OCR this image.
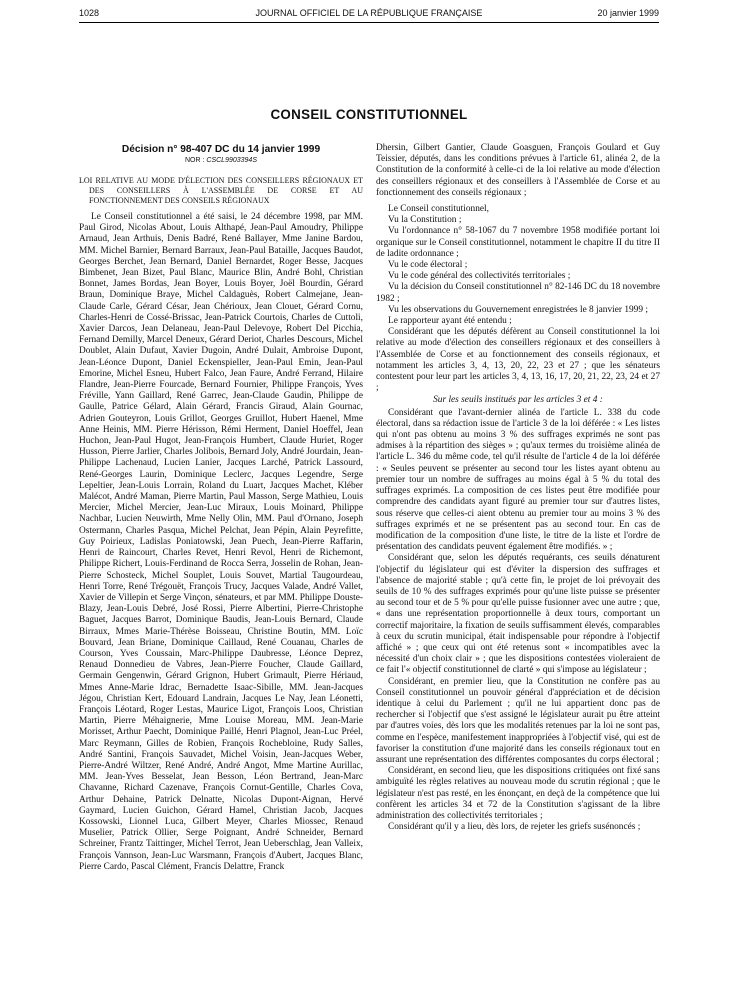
1028	JOURNAL OFFICIEL DE LA RÉPUBLIQUE FRANÇAISE	20 janvier 1999
CONSEIL CONSTITUTIONNEL

Décision n° 98-407 DC du 14 janvier 1999

NOR : CSCL9903394S

LOI RELATIVE AU MODE D'ÉLECTION DES CONSEILLERS RÉGIONAUX ET DES CONSEILLERS À L'ASSEMBLÉE DE CORSE ET AU FONCTIONNEMENT DES CONSEILS RÉGIONAUX

Le Conseil constitutionnel a été saisi, le 24 décembre 1998, par MM. Paul Girod, Nicolas About, Louis Althapé, Jean-Paul Amoudry, Philippe Arnaud, Jean Arthuis, Denis Badré, René Ballayer, Mme Janine Bardou, MM. Michel Barnier, Bernard Barraux, Jean-Paul Bataille, Jacques Baudot, Georges Berchet, Jean Bernard, Daniel Bernardet, Roger Besse, Jacques Bimbenet, Jean Bizet, Paul Blanc, Maurice Blin, André Bohl, Christian Bonnet, James Bordas, Jean Boyer, Louis Boyer, Joël Bourdin, Gérard Braun, Dominique Braye, Michel Caldaguès, Robert Calmejane, Jean-Claude Carle, Gérard César, Jean Chérioux, Jean Clouet, Gérard Cornu, Charles-Henri de Cossé-Brissac, Jean-Patrick Courtois, Charles de Cuttoli, Xavier Darcos, Jean Delaneau, Jean-Paul Delevoye, Robert Del Picchia, Fernand Demilly, Marcel Deneux, Gérard Deriot, Charles Descours, Michel Doublet, Alain Dufaut, Xavier Dugoin, André Dulait, Ambroise Dupont, Jean-Léonce Dupont, Daniel Eckenspieller, Jean-Paul Emin, Jean-Paul Emorine, Michel Esneu, Hubert Falco, Jean Faure, André Ferrand, Hilaire Flandre, Jean-Pierre Fourcade, Bernard Fournier, Philippe François, Yves Fréville, Yann Gaillard, René Garrec, Jean-Claude Gaudin, Philippe de Gaulle, Patrice Gélard, Alain Gérard, Francis Giraud, Alain Gournac, Adrien Gouteyron, Louis Grillot, Georges Gruillot, Hubert Haenel, Mme Anne Heinis, MM. Pierre Hérisson, Rémi Herment, Daniel Hoeffel, Jean Huchon, Jean-Paul Hugot, Jean-François Humbert, Claude Huriet, Roger Husson, Pierre Jarlier, Charles Jolibois, Bernard Joly, André Jourdain, Jean-Philippe Lachenaud, Lucien Lanier, Jacques Larché, Patrick Lassourd, René-Georges Laurin, Dominique Leclerc, Jacques Legendre, Serge Lepeltier, Jean-Louis Lorrain, Roland du Luart, Jacques Machet, Kléber Malécot, André Maman, Pierre Martin, Paul Masson, Serge Mathieu, Louis Mercier, Michel Mercier, Jean-Luc Miraux, Louis Moinard, Philippe Nachbar, Lucien Neuwirth, Mme Nelly Olin, MM. Paul d'Ornano, Joseph Ostermann, Charles Pasqua, Michel Pelchat, Jean Pépin, Alain Peyrefitte, Guy Poirieux, Ladislas Poniatowski, Jean Puech, Jean-Pierre Raffarin, Henri de Raincourt, Charles Revet, Henri Revol, Henri de Richemont, Philippe Richert, Louis-Ferdinand de Rocca Serra, Josselin de Rohan, Jean-Pierre Schosteck, Michel Souplet, Louis Souvet, Martial Taugourdeau, Henri Torre, René Trégouët, François Trucy, Jacques Valade, André Vallet, Xavier de Villepin et Serge Vinçon, sénateurs, et par MM. Philippe Douste-Blazy, Jean-Louis Debré, José Rossi, Pierre Albertini, Pierre-Christophe Baguet, Jacques Barrot, Dominique Baudis, Jean-Louis Bernard, Claude Birraux, Mmes Marie-Thérèse Boisseau, Christine Boutin, MM. Loïc Bouvard, Jean Briane, Dominique Caillaud, René Couanau, Charles de Courson, Yves Coussain, Marc-Philippe Daubresse, Léonce Deprez, Renaud Donnedieu de Vabres, Jean-Pierre Foucher, Claude Gaillard, Germain Gengenwin, Gérard Grignon, Hubert Grimault, Pierre Hériaud, Mmes Anne-Marie Idrac, Bernadette Isaac-Sibille, MM. Jean-Jacques Jégou, Christian Kert, Edouard Landrain, Jacques Le Nay, Jean Léonetti, François Léotard, Roger Lestas, Maurice Ligot, François Loos, Christian Martin, Pierre Méhaignerie, Mme Louise Moreau, MM. Jean-Marie Morisset, Arthur Paecht, Dominique Paillé, Henri Plagnol, Jean-Luc Préel, Marc Reymann, Gilles de Robien, François Rochebloine, Rudy Salles, André Santini, François Sauvadet, Michel Voisin, Jean-Jacques Weber, Pierre-André Wiltzer, René André, André Angot, Mme Martine Aurillac, MM. Jean-Yves Besselat, Jean Besson, Léon Bertrand, Jean-Marc Chavanne, Richard Cazenave, François Cornut-Gentille, Charles Cova, Arthur Dehaine, Patrick Delnatte, Nicolas Dupont-Aignan, Hervé Gaymard, Lucien Guichon, Gérard Hamel, Christian Jacob, Jacques Kossowski, Lionnel Luca, Gilbert Meyer, Charles Miossec, Renaud Muselier, Patrick Ollier, Serge Poignant, André Schneider, Bernard Schreiner, Frantz Taittinger, Michel Terrot, Jean Ueberschlag, Jean Valleix, François Vannson, Jean-Luc Warsmann, François d'Aubert, Jacques Blanc, Pierre Cardo, Pascal Clément, Francis Delattre, Franck

Dhersin, Gilbert Gantier, Claude Goasguen, François Goulard et Guy Teissier, députés, dans les conditions prévues à l'article 61, alinéa 2, de la Constitution de la conformité à celle-ci de la loi relative au mode d'élection des conseillers régionaux et des conseillers à l'Assemblée de Corse et au fonctionnement des conseils régionaux ;

Le Conseil constitutionnel,

Vu la Constitution ;

Vu l'ordonnance n° 58-1067 du 7 novembre 1958 modifiée portant loi organique sur le Conseil constitutionnel, notamment le chapitre II du titre II de ladite ordonnance ;

Vu le code électoral ;

Vu le code général des collectivités territoriales ;

Vu la décision du Conseil constitutionnel n° 82-146 DC du 18 novembre 1982 ;

Vu les observations du Gouvernement enregistrées le 8 janvier 1999 ;

Le rapporteur ayant été entendu ;

Considérant que les députés défèrent au Conseil constitutionnel la loi relative au mode d'élection des conseillers régionaux et des conseillers à l'Assemblée de Corse et au fonctionnement des conseils régionaux, et notamment les articles 3, 4, 13, 20, 22, 23 et 27 ; que les sénateurs contestent pour leur part les articles 3, 4, 13, 16, 17, 20, 21, 22, 23, 24 et 27 ;

Sur les seuils institués par les articles 3 et 4 :

Considérant que l'avant-dernier alinéa de l'article L. 338 du code électoral, dans sa rédaction issue de l'article 3 de la loi déférée : « Les listes qui n'ont pas obtenu au moins 3 % des suffrages exprimés ne sont pas admises à la répartition des sièges » ; qu'aux termes du troisième alinéa de l'article L. 346 du même code, tel qu'il résulte de l'article 4 de la loi déférée : « Seules peuvent se présenter au second tour les listes ayant obtenu au premier tour un nombre de suffrages au moins égal à 5 % du total des suffrages exprimés. La composition de ces listes peut être modifiée pour comprendre des candidats ayant figuré au premier tour sur d'autres listes, sous réserve que celles-ci aient obtenu au premier tour au moins 3 % des suffrages exprimés et ne se présentent pas au second tour. En cas de modification de la composition d'une liste, le titre de la liste et l'ordre de présentation des candidats peuvent également être modifiés. » ;

Considérant que, selon les députés requérants, ces seuils dénaturent l'objectif du législateur qui est d'éviter la dispersion des suffrages et l'absence de majorité stable ; qu'à cette fin, le projet de loi prévoyait des seuils de 10 % des suffrages exprimés pour qu'une liste puisse se présenter au second tour et de 5 % pour qu'elle puisse fusionner avec une autre ; que, « dans une représentation proportionnelle à deux tours, comportant un correctif majoritaire, la fixation de seuils suffisamment élevés, comparables à ceux du scrutin municipal, était indispensable pour répondre à l'objectif affiché » ; que ceux qui ont été retenus sont « incompatibles avec la nécessité d'un choix clair » ; que les dispositions contestées violeraient de ce fait l'« objectif constitutionnel de clarté » qui s'impose au législateur ;

Considérant, en premier lieu, que la Constitution ne confère pas au Conseil constitutionnel un pouvoir général d'appréciation et de décision identique à celui du Parlement ; qu'il ne lui appartient donc pas de rechercher si l'objectif que s'est assigné le législateur aurait pu être atteint par d'autres voies, dès lors que les modalités retenues par la loi ne sont pas, comme en l'espèce, manifestement inappropriées à l'objectif visé, qui est de favoriser la constitution d'une majorité dans les conseils régionaux tout en assurant une représentation des différentes composantes du corps électoral ;

Considérant, en second lieu, que les dispositions critiquées ont fixé sans ambiguïté les règles relatives au nouveau mode du scrutin régional ; que le législateur n'est pas resté, en les énonçant, en deçà de la compétence que lui confèrent les articles 34 et 72 de la Constitution s'agissant de la libre administration des collectivités territoriales ;

Considérant qu'il y a lieu, dès lors, de rejeter les griefs susénoncés ;
